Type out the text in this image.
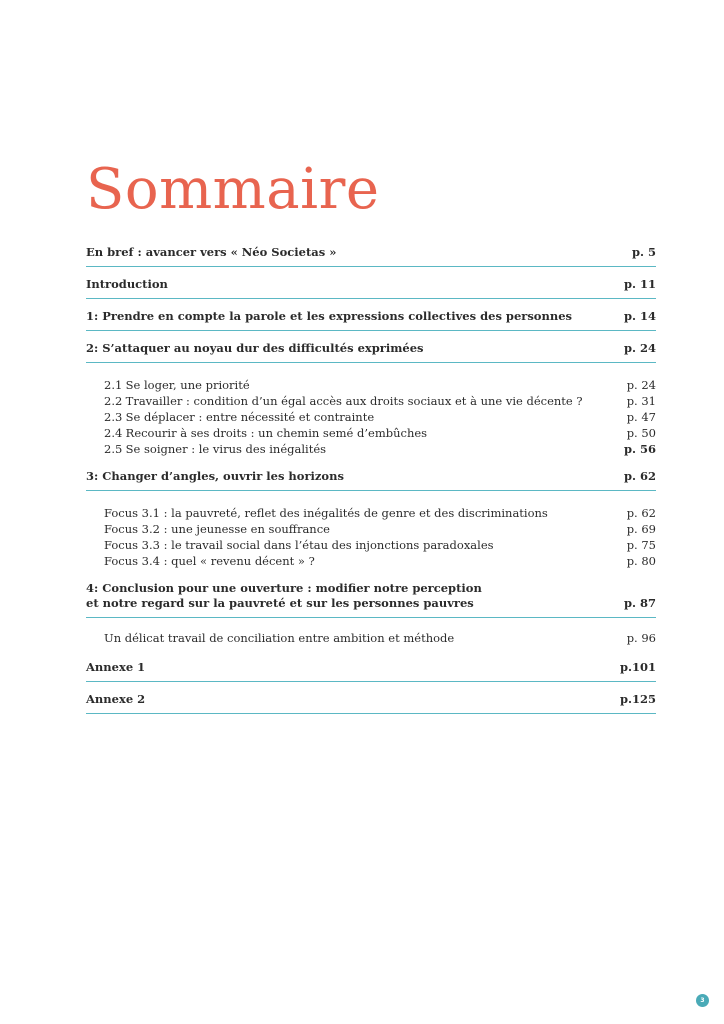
Sommaire
En bref : avancer vers « Néo Societas »	p. 5
Introduction	p. 11
1: Prendre en compte la parole et les expressions collectives des personnes	p. 14
2: S’attaquer au noyau dur des difficultés exprimées	p. 24
2.1 Se loger, une priorité	p. 24
2.2 Travailler : condition d’un égal accès aux droits sociaux et à une vie décente ?	p. 31
2.3 Se déplacer : entre nécessité et contrainte	p. 47
2.4 Recourir à ses droits : un chemin semé d’embûches	p. 50
2.5 Se soigner : le virus des inégalités	p. 56
3: Changer d’angles, ouvrir les horizons	p. 62
Focus 3.1 : la pauvreté, reflet des inégalités de genre et des discriminations	p. 62
Focus 3.2 : une jeunesse en souffrance	p. 69
Focus 3.3 : le travail social dans l’étau des injonctions paradoxales	p. 75
Focus 3.4 : quel « revenu décent » ?	p. 80
4: Conclusion pour une ouverture : modifier notre perception
et notre regard sur la pauvreté et sur les personnes pauvres	p. 87
Un délicat travail de conciliation entre ambition et méthode	p. 96
Annexe 1	p.101
Annexe 2	p.125
3
